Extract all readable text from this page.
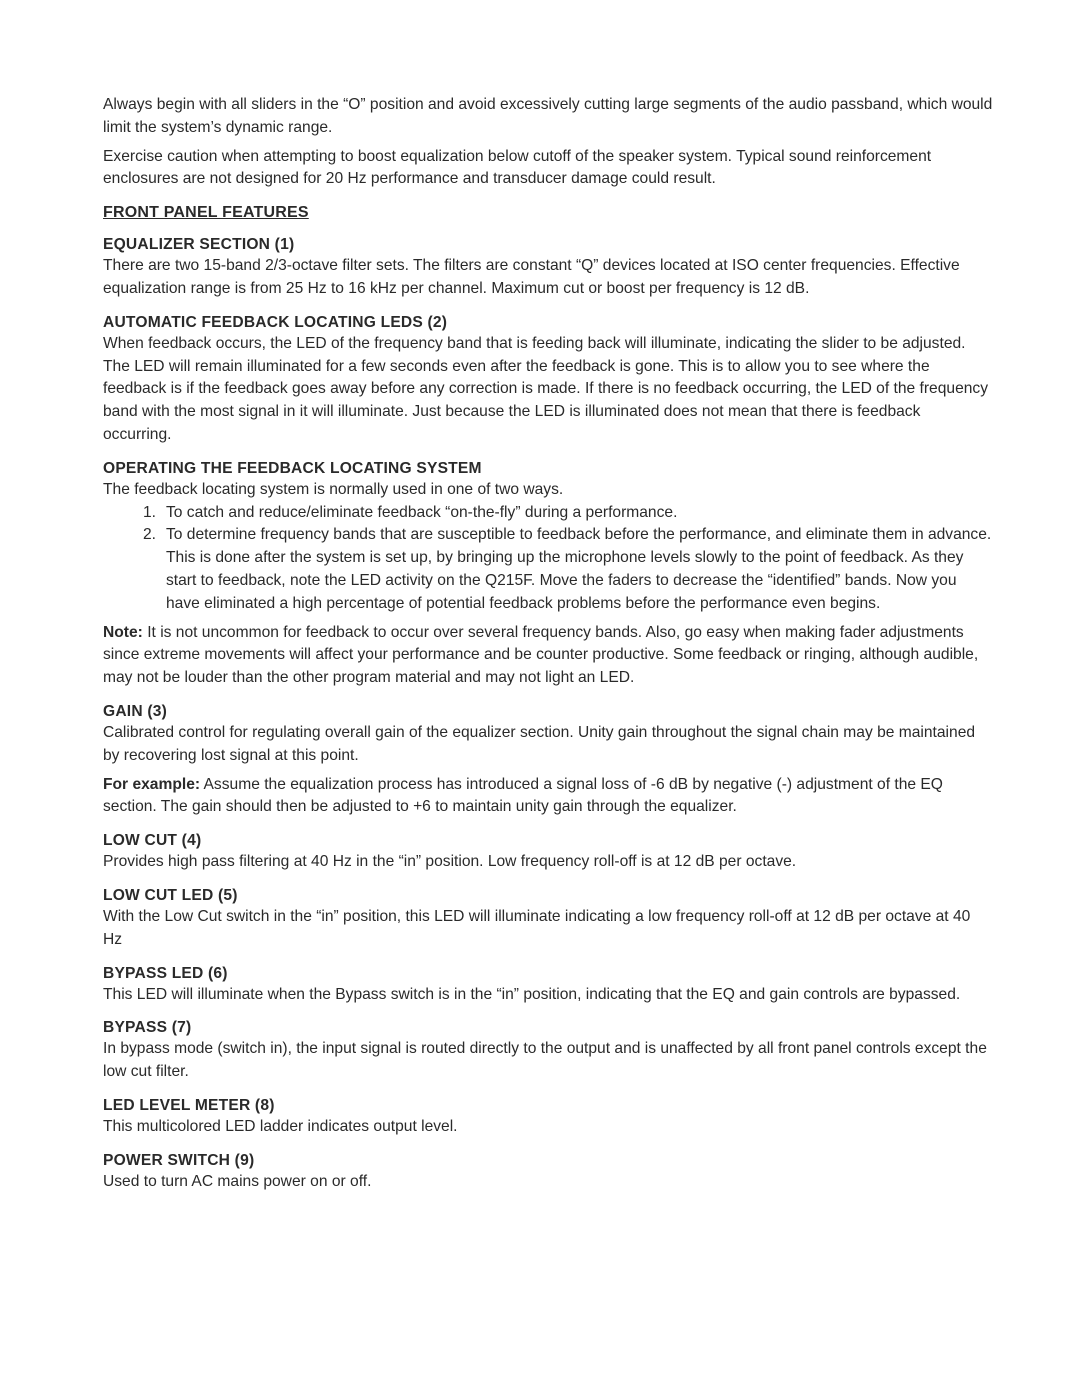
Always begin with all sliders in the “O” position and avoid excessively cutting large segments of the audio passband, which would limit the system’s dynamic range.

Exercise caution when attempting to boost equalization below cutoff of the speaker system. Typical sound reinforcement enclosures are not designed for 20 Hz performance and transducer damage could result.

FRONT PANEL FEATURES
EQUALIZER SECTION (1)

There are two 15-band 2/3-octave filter sets. The filters are constant “Q” devices located at ISO center frequencies. Effective equalization range is from 25 Hz to 16 kHz per channel. Maximum cut or boost per frequency is 12 dB.

AUTOMATIC FEEDBACK LOCATING LEDS (2)

When feedback occurs, the LED of the frequency band that is feeding back will illuminate, indicating the slider to be adjusted. The LED will remain illuminated for a few seconds even after the feedback is gone. This is to allow you to see where the feedback is if the feedback goes away before any correction is made. If there is no feedback occurring, the LED of the frequency band with the most signal in it will illuminate. Just because the LED is illuminated does not mean that there is feedback occurring.

OPERATING THE FEEDBACK LOCATING SYSTEM

The feedback locating system is normally used in one of two ways.

1. To catch and reduce/eliminate feedback “on-the-fly” during a performance.
2. To determine frequency bands that are susceptible to feedback before the performance, and eliminate them in advance. This is done after the system is set up, by bringing up the microphone levels slowly to the point of feedback. As they start to feedback, note the LED activity on the Q215F. Move the faders to decrease the “identified” bands. Now you have eliminated a high percentage of potential feedback problems before the performance even begins.

Note: It is not uncommon for feedback to occur over several frequency bands. Also, go easy when making fader adjustments since extreme movements will affect your performance and be counter productive. Some feedback or ringing, although audible, may not be louder than the other program material and may not light an LED.

GAIN (3)

Calibrated control for regulating overall gain of the equalizer section. Unity gain throughout the signal chain may be maintained by recovering lost signal at this point.

For example: Assume the equalization process has introduced a signal loss of -6 dB by negative (-) adjustment of the EQ section. The gain should then be adjusted to +6 to maintain unity gain through the equalizer.

LOW CUT (4)

Provides high pass filtering at 40 Hz in the “in” position. Low frequency roll-off is at 12 dB per octave.

LOW CUT LED (5)

With the Low Cut switch in the “in” position, this LED will illuminate indicating a low frequency roll-off at 12 dB per octave at 40 Hz

BYPASS LED (6)

This LED will illuminate when the Bypass switch is in the “in” position, indicating that the EQ and gain controls are bypassed.

BYPASS (7)

In bypass mode (switch in), the input signal is routed directly to the output and is unaffected by all front panel controls except the low cut filter.

LED LEVEL METER (8)

This multicolored LED ladder indicates output level.

POWER SWITCH (9)

Used to turn AC mains power on or off.
